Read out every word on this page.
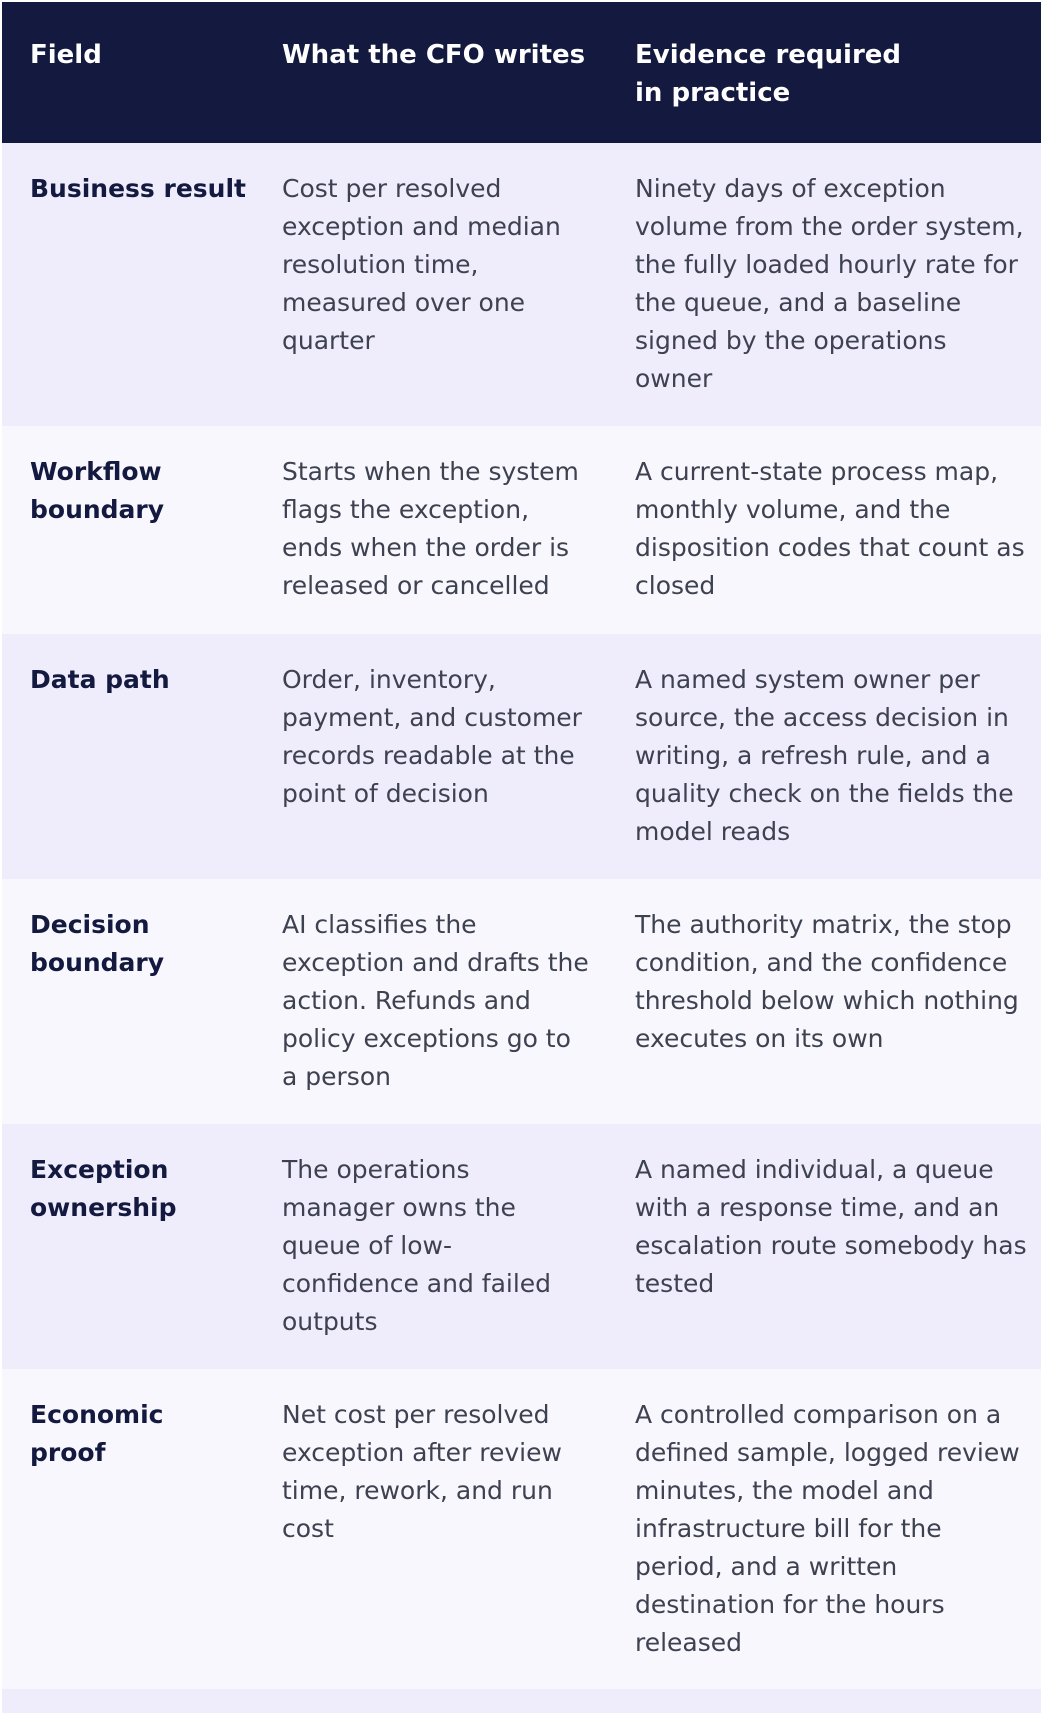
Field	What the CFO writes Evidence required in practice
Business result Cost per resolved exception and median resolution time, measured over one quarter
Ninety days of exception volume from the order system, the fully loaded hourly rate for the queue, and a baseline signed by the operations owner
Workflow boundary
Starts when the system flags the exception, ends when the order is released or cancelled
A current-state process map, monthly volume, and the disposition codes that count as closed
Data path	Order, inventory, payment, and customer records readable at the point of decision
A named system owner per source, the access decision in writing, a refresh rule, and a quality check on the fields the model reads
Decision boundary
AI classifies the exception and drafts the action. Refunds and policy exceptions go to a person
The authority matrix, the stop condition, and the confidence threshold below which nothing executes on its own
Exception ownership
The operations manager owns the queue of low-confidence and failed outputs
A named individual, a queue with a response time, and an escalation route somebody has tested
Economic proof
Net cost per resolved exception after review time, rework, and run cost
A controlled comparison on a defined sample, logged review minutes, the model and infrastructure bill for the period, and a written destination for the hours released
